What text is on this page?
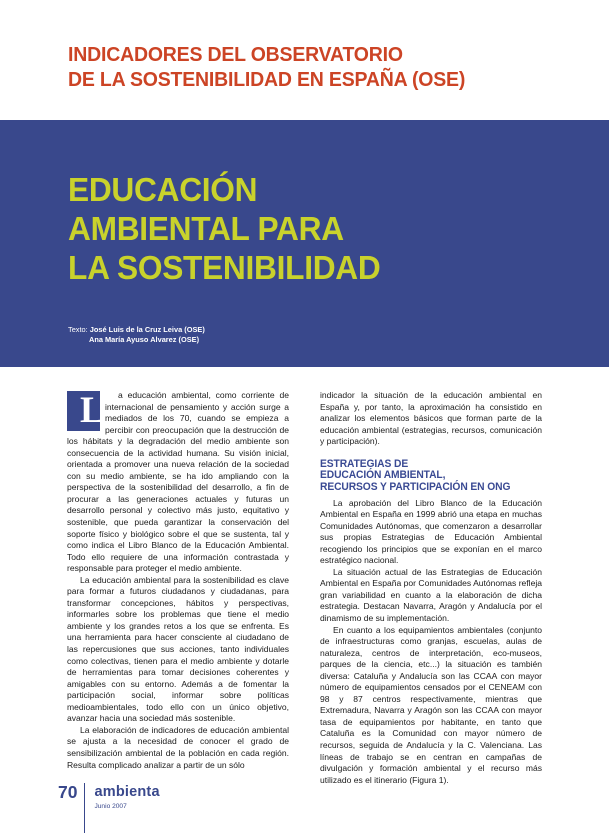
INDICADORES DEL OBSERVATORIO
DE LA SOSTENIBILIDAD EN ESPAÑA (OSE)
EDUCACIÓN
AMBIENTAL PARA
LA SOSTENIBILIDAD
Texto: José Luis de la Cruz Leiva (OSE)
Ana María Ayuso Alvarez (OSE)

L a educación ambiental, como corriente de internacional de pensamiento y acción surge a mediados de los 70, cuando se empieza a percibir con preocupación que la destrucción de los hábitats y la degradación del medio ambiente son consecuencia de la actividad humana. Su visión inicial, orientada a promover una nueva relación de la sociedad con su medio ambiente, se ha ido ampliando con la perspectiva de la sostenibilidad del desarrollo, a fin de procurar a las generaciones actuales y futuras un desarrollo personal y colectivo más justo, equitativo y sostenible, que pueda garantizar la conservación del soporte físico y biológico sobre el que se sustenta, tal y como indica el Libro Blanco de la Educación Ambiental. Todo ello requiere de una información contrastada y responsable para proteger el medio ambiente.

La educación ambiental para la sostenibilidad es clave para formar a futuros ciudadanos y ciudadanas, para transformar concepciones, hábitos y perspectivas, informarles sobre los problemas que tiene el medio ambiente y los grandes retos a los que se enfrenta. Es una herramienta para hacer consciente al ciudadano de las repercusiones que sus acciones, tanto individuales como colectivas, tienen para el medio ambiente y dotarle de herramientas para tomar decisiones coherentes y amigables con su entorno. Además a de fomentar la participación social, informar sobre políticas medioambientales, todo ello con un único objetivo, avanzar hacia una sociedad más sostenible.

La elaboración de indicadores de educación ambiental se ajusta a la necesidad de conocer el grado de sensibilización ambiental de la población en cada región. Resulta complicado analizar a partir de un sólo

indicador la situación de la educación ambiental en España y, por tanto, la aproximación ha consistido en analizar los elementos básicos que forman parte de la educación ambiental (estrategias, recursos, comunicación y participación).

ESTRATEGIAS DE
EDUCACIÓN AMBIENTAL,
RECURSOS Y PARTICIPACIÓN EN ONG

La aprobación del Libro Blanco de la Educación Ambiental en España en 1999 abrió una etapa en muchas Comunidades Autónomas, que comenzaron a desarrollar sus propias Estrategias de Educación Ambiental recogiendo los principios que se exponían en el marco estratégico nacional.

La situación actual de las Estrategias de Educación Ambiental en España por Comunidades Autónomas refleja gran variabilidad en cuanto a la elaboración de dicha estrategia. Destacan Navarra, Aragón y Andalucía por el dinamismo de su implementación.

En cuanto a los equipamientos ambientales (conjunto de infraestructuras como granjas, escuelas, aulas de naturaleza, centros de interpretación, eco-museos, parques de la ciencia, etc...) la situación es también diversa: Cataluña y Andalucía son las CCAA con mayor número de equipamientos censados por el CENEAM con 98 y 87 centros respectivamente, mientras que Extremadura, Navarra y Aragón son las CCAA con mayor tasa de equipamientos por habitante, en tanto que Cataluña es la Comunidad con mayor número de recursos, seguida de Andalucía y la C. Valenciana. Las líneas de trabajo se en centran en campañas de divulgación y formación ambiental y el recurso más utilizado es el itinerario (Figura 1).

70	ambienta
Junio 2007
